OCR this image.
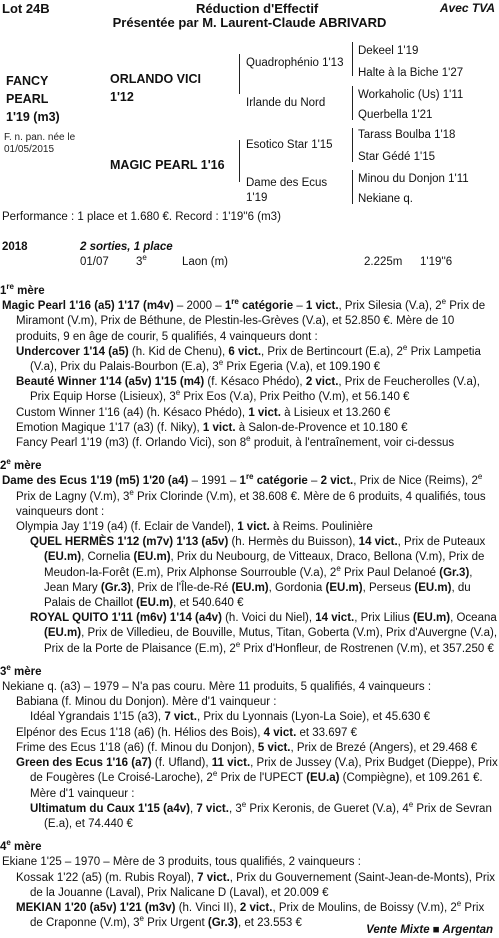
Lot 24B	Réduction d'Effectif	Avec TVA
Présentée par M. Laurent-Claude ABRIVARD
FANCY
PEARL
1'19 (m3)
F. n. pan. née le
01/05/2015
ORLANDO VICI
1'12
MAGIC PEARL 1'16
Quadrophénio 1'13
Irlande du Nord
Esotico Star 1'15
Dame des Ecus
1'19
Dekeel 1'19
Halte à la Biche 1'27
Workaholic (Us) 1'11
Querbella 1'21
Tarass Boulba 1'18
Star Gédé 1'15
Minou du Donjon 1'11
Nekiane q.
Performance : 1 place et 1.680 €. Record : 1'19''6 (m3)
2018	2 sorties, 1 place
01/07 3e	Laon (m)	2.225m 1'19''6
1re mère

Magic Pearl 1'16 (a5) 1'17 (m4v) – 2000 – 1re catégorie – 1 vict., Prix Silesia (V.a), 2e Prix de Miramont (V.m), Prix de Béthune, de Plestin-les-Grèves (V.a), et 52.850 €. Mère de 10 produits, 9 en âge de courir, 5 qualifiés, 4 vainqueurs dont :

Undercover 1'14 (a5) (h. Kid de Chenu), 6 vict., Prix de Bertincourt (E.a), 2e Prix Lampetia (V.a), Prix du Palais-Bourbon (E.a), 3e Prix Egeria (V.a), et 109.190 €

Beauté Winner 1'14 (a5v) 1'15 (m4) (f. Késaco Phédo), 2 vict., Prix de Feucherolles (V.a), Prix Equip Horse (Lisieux), 3e Prix Eos (V.a), Prix Peitho (V.m), et 56.140 €

Custom Winner 1'16 (a4) (h. Késaco Phédo), 1 vict. à Lisieux et 13.260 €

Emotion Magique 1'17 (a3) (f. Niky), 1 vict. à Salon-de-Provence et 10.180 €

Fancy Pearl 1'19 (m3) (f. Orlando Vici), son 8e produit, à l'entraînement, voir ci-dessus

2e mère

Dame des Ecus 1'19 (m5) 1'20 (a4) – 1991 – 1re catégorie – 2 vict., Prix de Nice (Reims), 2e Prix de Lagny (V.m), 3e Prix Clorinde (V.m), et 38.608 €. Mère de 6 produits, 4 qualifiés, tous vainqueurs dont :

Olympia Jay 1'19 (a4) (f. Eclair de Vandel), 1 vict. à Reims. Poulinière

QUEL HERMÈS 1'12 (m7v) 1'13 (a5v) (h. Hermès du Buisson), 14 vict., Prix de Puteaux (EU.m), Cornelia (EU.m), Prix du Neubourg, de Vitteaux, Draco, Bellona (V.m), Prix de Meudon-la-Forêt (E.m), Prix Alphonse Sourrouble (V.a), 2e Prix Paul Delanoé (Gr.3), Jean Mary (Gr.3), Prix de l'Île-de-Ré (EU.m), Gordonia (EU.m), Perseus (EU.m), du Palais de Chaillot (EU.m), et 540.640 €

ROYAL QUITO 1'11 (m6v) 1'14 (a4v) (h. Voici du Niel), 14 vict., Prix Lilius (EU.m), Oceana (EU.m), Prix de Villedieu, de Bouville, Mutus, Titan, Goberta (V.m), Prix d'Auvergne (V.a), Prix de la Porte de Plaisance (E.m), 2e Prix d'Honfleur, de Rostrenen (V.m), et 357.250 €

3e mère

Nekiane q. (a3) – 1979 – N'a pas couru. Mère 11 produits, 5 qualifiés, 4 vainqueurs :

Babiana (f. Minou du Donjon). Mère d'1 vainqueur :

Idéal Ygrandais 1'15 (a3), 7 vict., Prix du Lyonnais (Lyon-La Soie), et 45.630 €

Elpénor des Ecus 1'18 (a6) (h. Hélios des Bois), 4 vict. et 33.697 €

Frime des Ecus 1'18 (a6) (f. Minou du Donjon), 5 vict., Prix de Brezé (Angers), et 29.468 €

Green des Ecus 1'16 (a7) (f. Ufland), 11 vict., Prix de Jussey (V.a), Prix Budget (Dieppe), Prix de Fougères (Le Croisé-Laroche), 2e Prix de l'UPECT (EU.a) (Compiègne), et 109.261 €. Mère d'1 vainqueur :

Ultimatum du Caux 1'15 (a4v), 7 vict., 3e Prix Keronis, de Gueret (V.a), 4e Prix de Sevran (E.a), et 74.440 €

4e mère

Ekiane 1'25 – 1970 – Mère de 3 produits, tous qualifiés, 2 vainqueurs :

Kossak 1'22 (a5) (m. Rubis Royal), 7 vict., Prix du Gouvernement (Saint-Jean-de-Monts), Prix de la Jouanne (Laval), Prix Nalicane D (Laval), et 20.009 €

MEKIAN 1'20 (a5v) 1'21 (m3v) (h. Vinci II), 2 vict., Prix de Moulins, de Boissy (V.m), 2e Prix de Craponne (V.m), 3e Prix Urgent (Gr.3), et 23.553 €

Vente Mixte ■ Argentan
